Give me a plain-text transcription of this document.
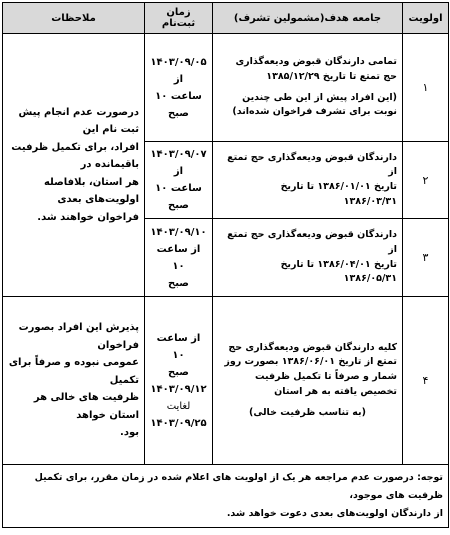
اولویت	جامعه هدف(مشمولین تشرف)	زمان ثبت‌نام	ملاحظات
۱	تمامی دارندگان قبوض ودیعه‌گذاری
حج تمتع تا تاریخ ۱۳۸۵/۱۲/۲۹
(این افراد پیش از این طی چندین
نوبت برای تشرف فراخوان شده‌اند)	۱۴۰۳/۰۹/۰۵ از
ساعت ۱۰ صبح	درصورت عدم انجام پیش ثبت نام این
افراد، برای تکمیل ظرفیت باقیمانده در
هر استان، بلافاصله اولویت‌های بعدی
فراخوان خواهند شد.

۲	دارندگان قبوض ودیعه‌گذاری حج تمتع از
تاریخ ۱۳۸۶/۰۱/۰۱ تا تاریخ
۱۳۸۶/۰۳/۳۱	۱۴۰۳/۰۹/۰۷ از
ساعت ۱۰ صبح	

۳	دارندگان قبوض ودیعه‌گذاری حج تمتع از
تاریخ ۱۳۸۶/۰۴/۰۱ تا تاریخ
۱۳۸۶/۰۵/۳۱	۱۴۰۳/۰۹/۱۰
از ساعت ۱۰
صبح	

۴	کلیه دارندگان قبوض ودیعه‌گذاری حج
تمتع از تاریخ ۱۳۸۶/۰۶/۰۱ بصورت روز
شمار و صرفاً تا تکمیل ظرفیت
تخصیص یافته به هر استان
(به تناسب ظرفیت خالی)	از ساعت ۱۰
صبح
۱۴۰۳/۰۹/۱۲
لغایت
۱۴۰۳/۰۹/۲۵	پذیرش این افراد بصورت فراخوان
عمومی نبوده و صرفاً برای تکمیل
ظرفیت های خالی هر استان خواهد
بود.

توجه: درصورت عدم مراجعه هر یک از اولویت های اعلام شده در زمان مقرر، برای تکمیل ظرفیت های موجود،
از دارندگان اولویت‌های بعدی دعوت خواهد شد.			
